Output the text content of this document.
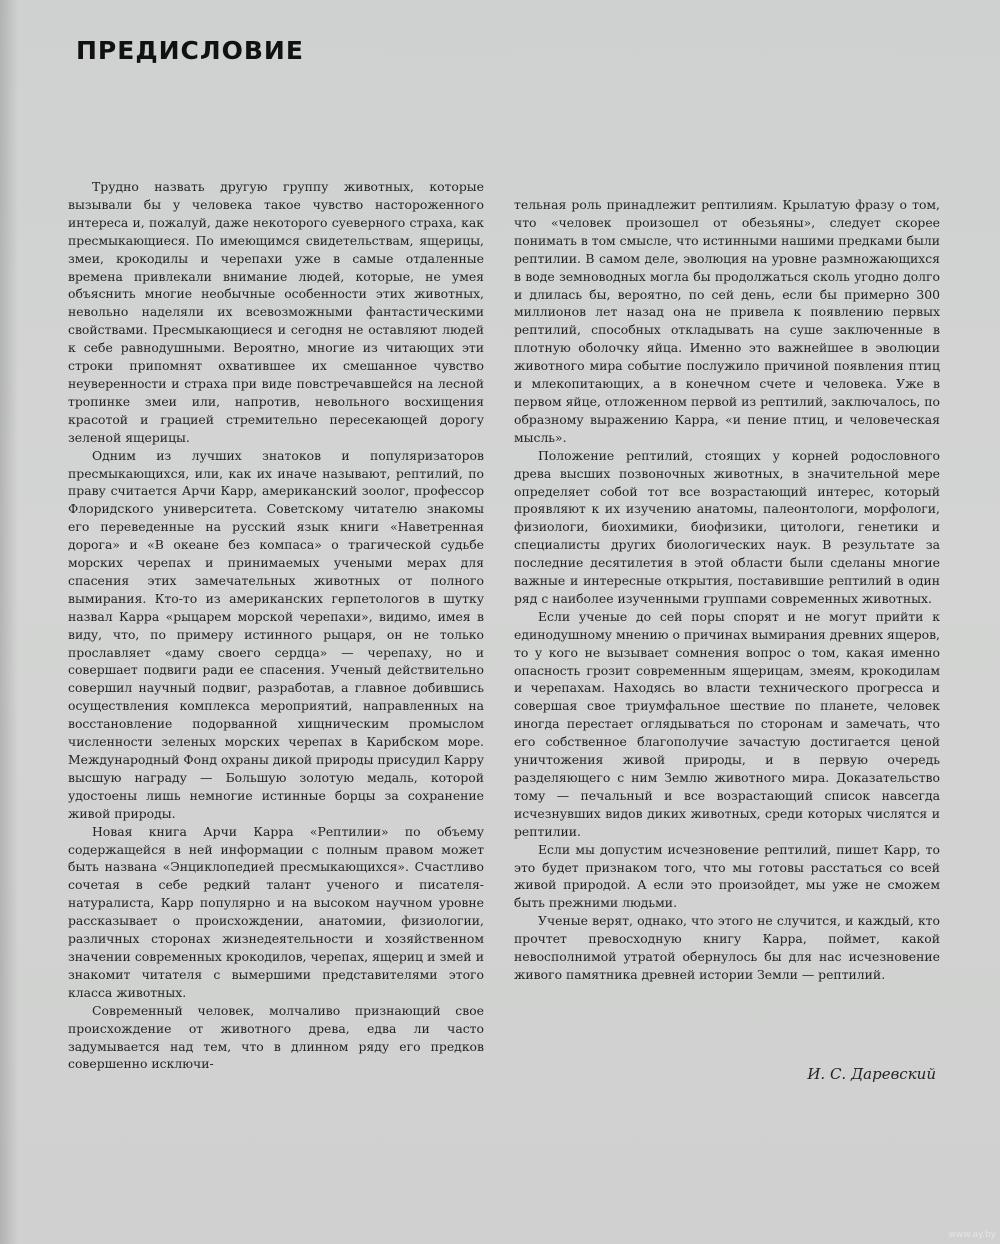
ПРЕДИСЛОВИЕ

Трудно назвать другую группу животных, которые вызывали бы у человека такое чувство настороженного интереса и, пожалуй, даже некоторого суеверного страха, как пресмыкающиеся. По имеющимся свидетельствам, ящерицы, змеи, крокодилы и черепахи уже в самые отдаленные времена привлекали внимание людей, которые, не умея объяснить многие необычные особенности этих животных, невольно наделяли их всевозможными фантастическими свойствами. Пресмыкающиеся и сегодня не оставляют людей к себе равнодушными. Вероятно, многие из читающих эти строки припомнят охватившее их смешанное чувство неуверенности и страха при виде повстречавшейся на лесной тропинке змеи или, напротив, невольного восхищения красотой и грацией стремительно пересекающей дорогу зеленой ящерицы.

Одним из лучших знатоков и популяризаторов пресмыкающихся, или, как их иначе называют, рептилий, по праву считается Арчи Карр, американский зоолог, профессор Флоридского университета. Советскому читателю знакомы его переведенные на русский язык книги «Наветренная дорога» и «В океане без компаса» о трагической судьбе морских черепах и принимаемых учеными мерах для спасения этих замечательных животных от полного вымирания. Кто-то из американских герпетологов в шутку назвал Карра «рыцарем морской черепахи», видимо, имея в виду, что, по примеру истинного рыцаря, он не только прославляет «даму своего сердца» — черепаху, но и совершает подвиги ради ее спасения. Ученый действительно совершил научный подвиг, разработав, а главное добившись осуществления комплекса мероприятий, направленных на восстановление подорванной хищническим промыслом численности зеленых морских черепах в Карибском море. Международный Фонд охраны дикой природы присудил Карру высшую награду — Большую золотую медаль, которой удостоены лишь немногие истинные борцы за сохранение живой природы.

Новая книга Арчи Карра «Рептилии» по объему содержащейся в ней информации с полным правом может быть названа «Энциклопедией пресмыкающихся». Счастливо сочетая в себе редкий талант ученого и писателя-натуралиста, Карр популярно и на высоком научном уровне рассказывает о происхождении, анатомии, физиологии, различных сторонах жизнедеятельности и хозяйственном значении современных крокодилов, черепах, ящериц и змей и знакомит читателя с вымершими представителями этого класса животных.

Современный человек, молчаливо признающий свое происхождение от животного древа, едва ли часто задумывается над тем, что в длинном ряду его предков совершенно исключи-

тельная роль принадлежит рептилиям. Крылатую фразу о том, что «человек произошел от обезьяны», следует скорее понимать в том смысле, что истинными нашими предками были рептилии. В самом деле, эволюция на уровне размножающихся в воде земноводных могла бы продолжаться сколь угодно долго и длилась бы, вероятно, по сей день, если бы примерно 300 миллионов лет назад она не привела к появлению первых рептилий, способных откладывать на суше заключенные в плотную оболочку яйца. Именно это важнейшее в эволюции животного мира событие послужило причиной появления птиц и млекопитающих, а в конечном счете и человека. Уже в первом яйце, отложенном первой из рептилий, заключалось, по образному выражению Карра, «и пение птиц, и человеческая мысль».

Положение рептилий, стоящих у корней родословного древа высших позвоночных животных, в значительной мере определяет собой тот все возрастающий интерес, который проявляют к их изучению анатомы, палеонтологи, морфологи, физиологи, биохимики, биофизики, цитологи, генетики и специалисты других биологических наук. В результате за последние десятилетия в этой области были сделаны многие важные и интересные открытия, поставившие рептилий в один ряд с наиболее изученными группами современных животных.

Если ученые до сей поры спорят и не могут прийти к единодушному мнению о причинах вымирания древних ящеров, то у кого не вызывает сомнения вопрос о том, какая именно опасность грозит современным ящерицам, змеям, крокодилам и черепахам. Находясь во власти технического прогресса и совершая свое триумфальное шествие по планете, человек иногда перестает оглядываться по сторонам и замечать, что его собственное благополучие зачастую достигается ценой уничтожения живой природы, и в первую очередь разделяющего с ним Землю животного мира. Доказательство тому — печальный и все возрастающий список навсегда исчезнувших видов диких животных, среди которых числятся и рептилии.

Если мы допустим исчезновение рептилий, пишет Карр, то это будет признаком того, что мы готовы расстаться со всей живой природой. А если это произойдет, мы уже не сможем быть прежними людьми.

Ученые верят, однако, что этого не случится, и каждый, кто прочтет превосходную книгу Карра, поймет, какой невосполнимой утратой обернулось бы для нас исчезновение живого памятника древней истории Земли — рептилий.

И. С. Даревский

www.ay.by
